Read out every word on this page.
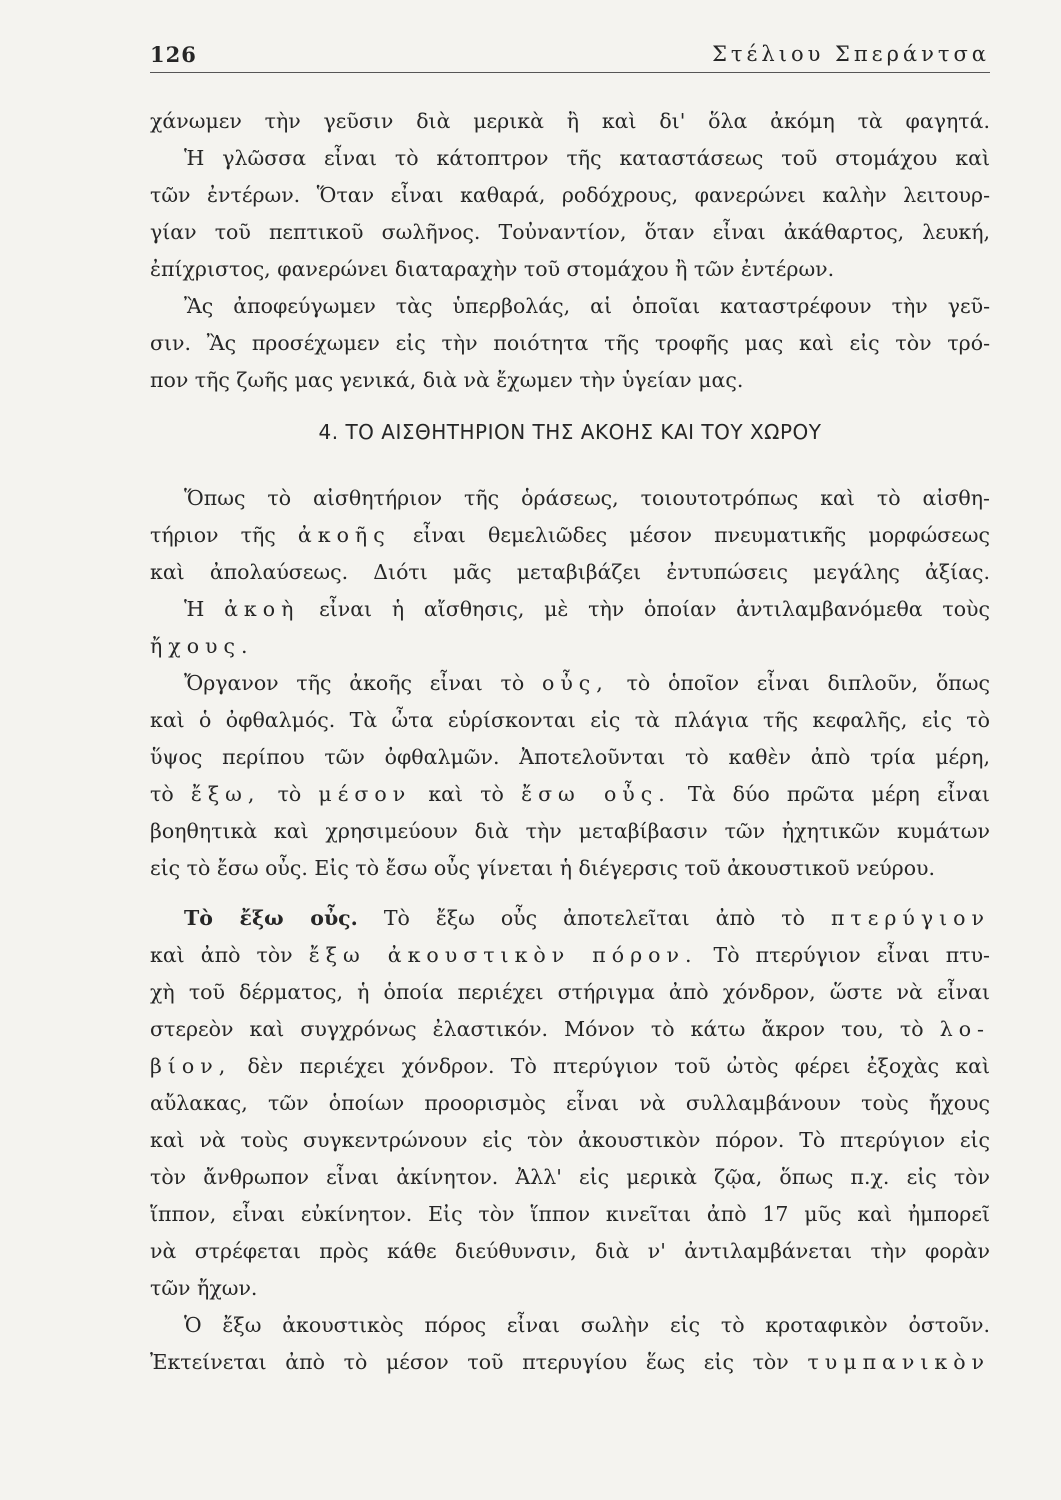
126	Στέλιου Σπεράντσα
χάνωμεν τὴν γεῦσιν διὰ μερικὰ ἢ καὶ δι' ὅλα ἀκόμη τὰ φαγητά.
Ἡ γλῶσσα εἶναι τὸ κάτοπτρον τῆς καταστάσεως τοῦ στομάχου καὶ
τῶν ἐντέρων. Ὅταν εἶναι καθαρά, ροδόχρους, φανερώνει καλὴν λειτουρ-
γίαν τοῦ πεπτικοῦ σωλῆνος. Τοὐναντίον, ὅταν εἶναι ἀκάθαρτος, λευκή,
ἐπίχριστος, φανερώνει διαταραχὴν τοῦ στομάχου ἢ τῶν ἐντέρων.
Ἂς ἀποφεύγωμεν τὰς ὑπερβολάς, αἱ ὁποῖαι καταστρέφουν τὴν γεῦ-
σιν. Ἂς προσέχωμεν εἰς τὴν ποιότητα τῆς τροφῆς μας καὶ εἰς τὸν τρό-
πον τῆς ζωῆς μας γενικά, διὰ νὰ ἔχωμεν τὴν ὑγείαν μας.
4. ΤΟ ΑΙΣΘΗΤΗΡΙΟΝ ΤΗΣ ΑΚΟΗΣ ΚΑΙ ΤΟΥ ΧΩΡΟΥ
Ὅπως τὸ αἰσθητήριον τῆς ὁράσεως, τοιουτοτρόπως καὶ τὸ αἰσθη-
τήριον τῆς ἀκοῆς εἶναι θεμελιῶδες μέσον πνευματικῆς μορφώσεως
καὶ ἀπολαύσεως. Διότι μᾶς μεταβιβάζει ἐντυπώσεις μεγάλης ἀξίας.
Ἡ ἀκοὴ εἶναι ἡ αἴσθησις, μὲ τὴν ὁποίαν ἀντιλαμβανόμεθα τοὺς
ἤχους.
Ὄργανον τῆς ἀκοῆς εἶναι τὸ οὖς, τὸ ὁποῖον εἶναι διπλοῦν, ὅπως
καὶ ὁ ὀφθαλμός. Τὰ ὦτα εὑρίσκονται εἰς τὰ πλάγια τῆς κεφαλῆς, εἰς τὸ
ὕψος περίπου τῶν ὀφθαλμῶν. Ἀποτελοῦνται τὸ καθὲν ἀπὸ τρία μέρη,
τὸ ἔξω, τὸ μέσον καὶ τὸ ἔσω οὖς. Τὰ δύο πρῶτα μέρη εἶναι
βοηθητικὰ καὶ χρησιμεύουν διὰ τὴν μεταβίβασιν τῶν ἠχητικῶν κυμάτων
εἰς τὸ ἔσω οὖς. Εἰς τὸ ἔσω οὖς γίνεται ἡ διέγερσις τοῦ ἀκουστικοῦ νεύρου.
Τὸ ἔξω οὖς. Τὸ ἔξω οὖς ἀποτελεῖται ἀπὸ τὸ πτερύγιον
καὶ ἀπὸ τὸν ἔξω ἀκουστικὸν πόρον. Τὸ πτερύγιον εἶναι πτυ-
χὴ τοῦ δέρματος, ἡ ὁποία περιέχει στήριγμα ἀπὸ χόνδρον, ὥστε νὰ εἶναι
στερεὸν καὶ συγχρόνως ἐλαστικόν. Μόνον τὸ κάτω ἄκρον του, τὸ λο-
βίον, δὲν περιέχει χόνδρον. Τὸ πτερύγιον τοῦ ὠτὸς φέρει ἐξοχὰς καὶ
αὔλακας, τῶν ὁποίων προορισμὸς εἶναι νὰ συλλαμβάνουν τοὺς ἤχους
καὶ νὰ τοὺς συγκεντρώνουν εἰς τὸν ἀκουστικὸν πόρον. Τὸ πτερύγιον εἰς
τὸν ἄνθρωπον εἶναι ἀκίνητον. Ἀλλ' εἰς μερικὰ ζῷα, ὅπως π.χ. εἰς τὸν
ἵππον, εἶναι εὐκίνητον. Εἰς τὸν ἵππον κινεῖται ἀπὸ 17 μῦς καὶ ἠμπορεῖ
νὰ στρέφεται πρὸς κάθε διεύθυνσιν, διὰ ν' ἀντιλαμβάνεται τὴν φορὰν
τῶν ἤχων.
Ὁ ἔξω ἀκουστικὸς πόρος εἶναι σωλὴν εἰς τὸ κροταφικὸν ὀστοῦν.
Ἐκτείνεται ἀπὸ τὸ μέσον τοῦ πτερυγίου ἕως εἰς τὸν τυμπανικὸν
